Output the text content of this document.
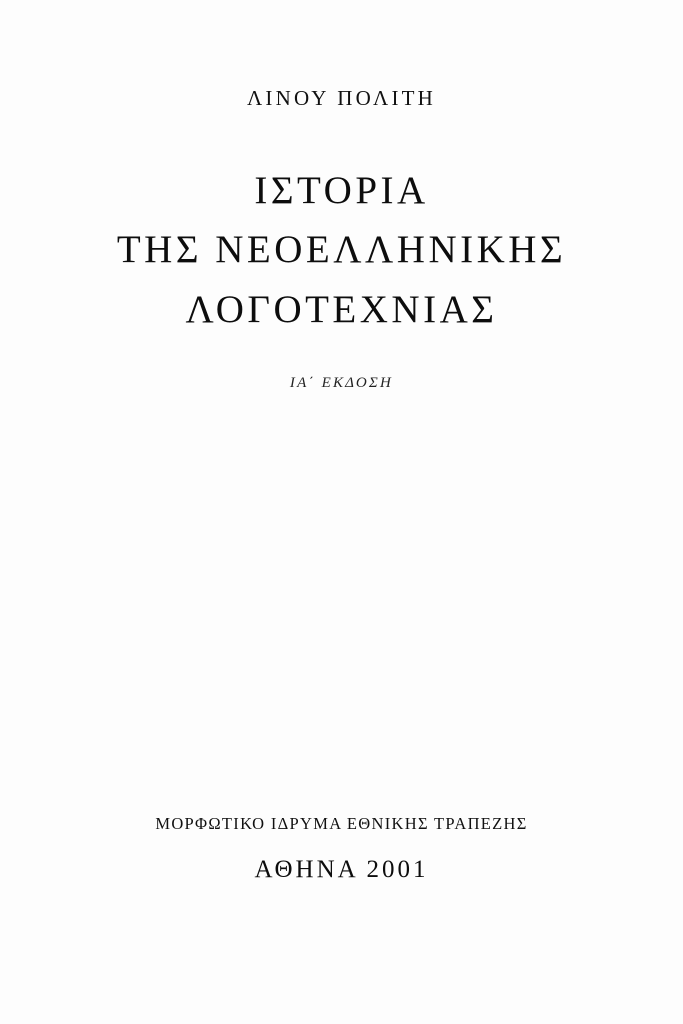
ΛΙΝΟΥ ΠΟΛΙΤΗ
ΙΣΤΟΡΙΑ
ΤΗΣ ΝΕΟΕΛΛΗΝΙΚΗΣ
ΛΟΓΟΤΕΧΝΙΑΣ
ΙΑ΄ ΕΚΔΟΣΗ
ΜΟΡΦΩΤΙΚΟ ΙΔΡΥΜΑ ΕΘΝΙΚΗΣ ΤΡΑΠΕΖΗΣ
ΑΘΗΝΑ 2001
